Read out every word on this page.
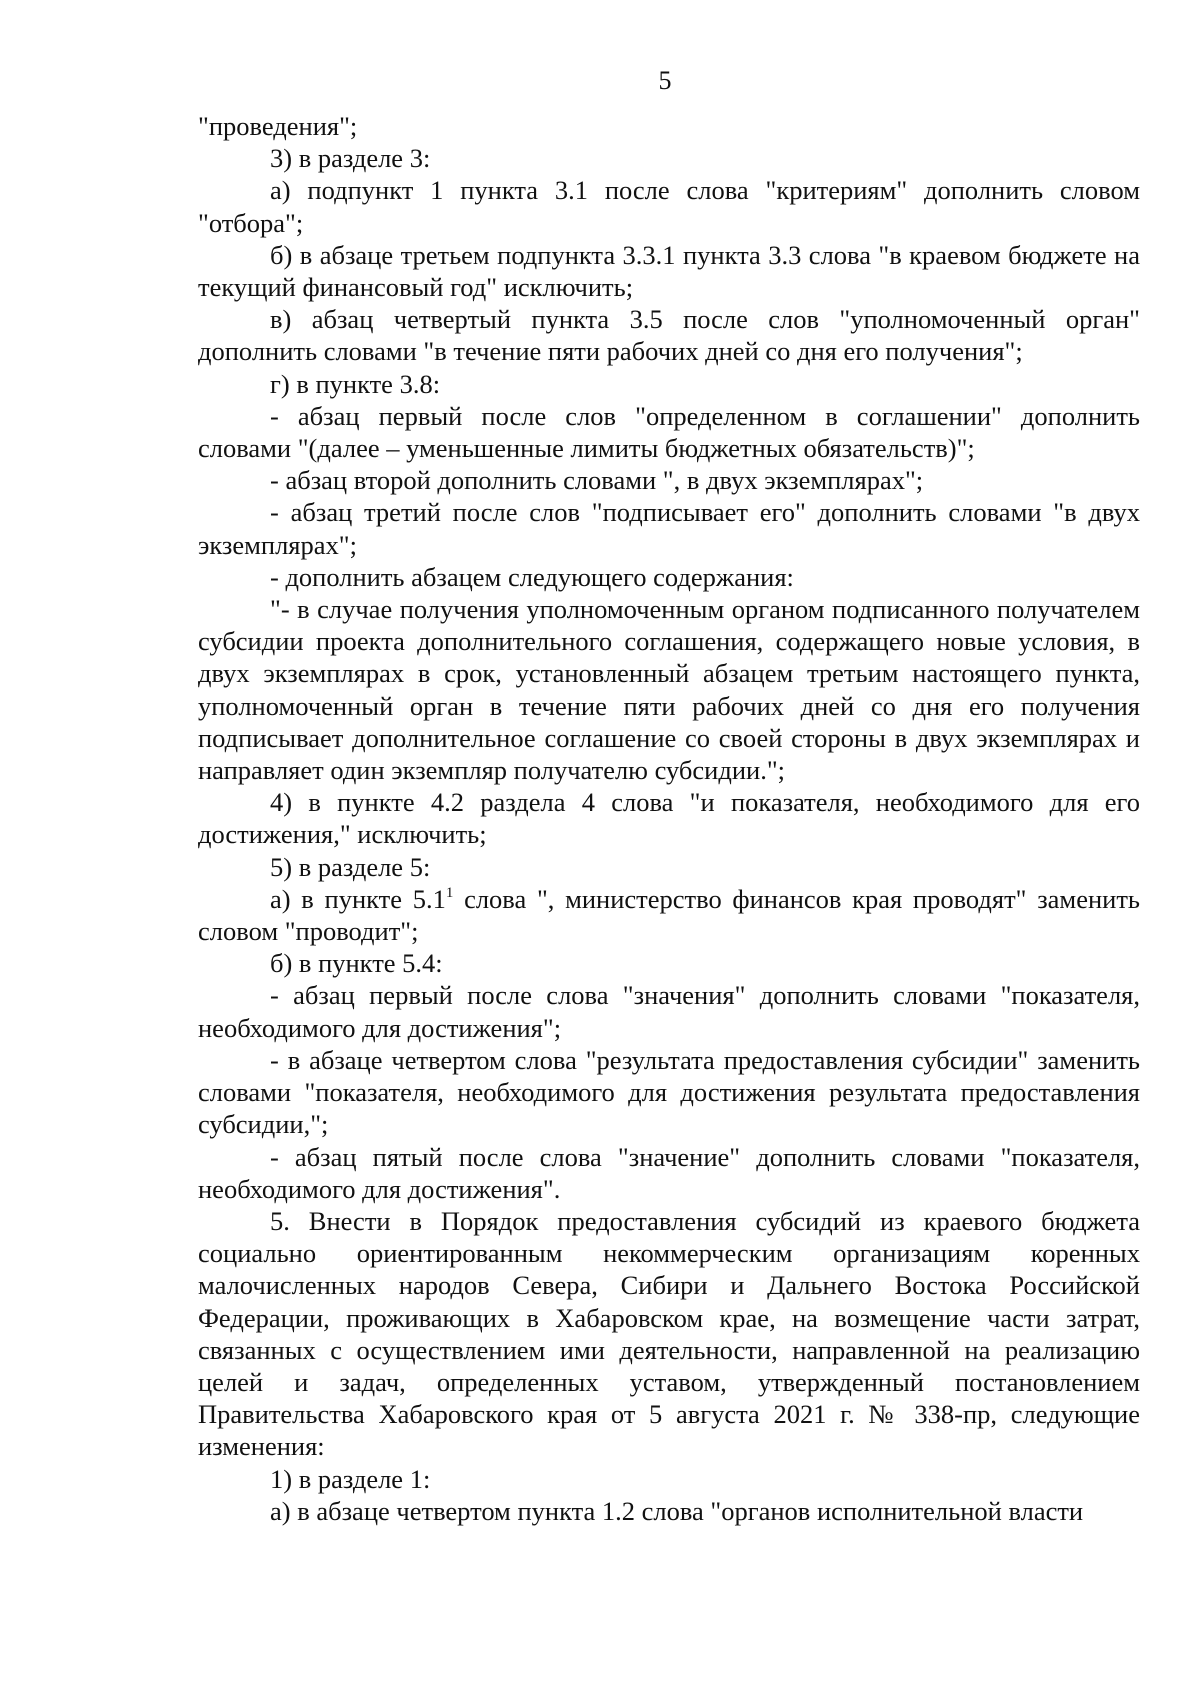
5

"проведения";

3) в разделе 3:

а) подпункт 1 пункта 3.1 после слова "критериям" дополнить словом "отбора";

б) в абзаце третьем подпункта 3.3.1 пункта 3.3 слова "в краевом бюджете на текущий финансовый год" исключить;

в) абзац четвертый пункта 3.5 после слов "уполномоченный орган" дополнить словами "в течение пяти рабочих дней со дня его получения";

г) в пункте 3.8:

- абзац первый после слов "определенном в соглашении" дополнить словами "(далее – уменьшенные лимиты бюджетных обязательств)";

- абзац второй дополнить словами ", в двух экземплярах";

- абзац третий после слов "подписывает его" дополнить словами "в двух экземплярах";

- дополнить абзацем следующего содержания:

"- в случае получения уполномоченным органом подписанного получателем субсидии проекта дополнительного соглашения, содержащего новые условия, в двух экземплярах в срок, установленный абзацем третьим настоящего пункта, уполномоченный орган в течение пяти рабочих дней со дня его получения подписывает дополнительное соглашение со своей стороны в двух экземплярах и направляет один экземпляр получателю субсидии.";

4) в пункте 4.2 раздела 4 слова "и показателя, необходимого для его достижения," исключить;

5) в разделе 5:

а) в пункте $5.1^1$ слова ", министерство финансов края проводят" заменить словом "проводит";

б) в пункте 5.4:

- абзац первый после слова "значения" дополнить словами "показателя, необходимого для достижения";

- в абзаце четвертом слова "результата предоставления субсидии" заменить словами "показателя, необходимого для достижения результата предоставления субсидии,";

- абзац пятый после слова "значение" дополнить словами "показателя, необходимого для достижения".

5. Внести в Порядок предоставления субсидий из краевого бюджета социально ориентированным некоммерческим организациям коренных малочисленных народов Севера, Сибири и Дальнего Востока Российской Федерации, проживающих в Хабаровском крае, на возмещение части затрат, связанных с осуществлением ими деятельности, направленной на реализацию целей и задач, определенных уставом, утвержденный постановлением Правительства Хабаровского края от 5 августа 2021 г. № 338-пр, следующие изменения:

1) в разделе 1:

а) в абзаце четвертом пункта 1.2 слова "органов исполнительной власти
